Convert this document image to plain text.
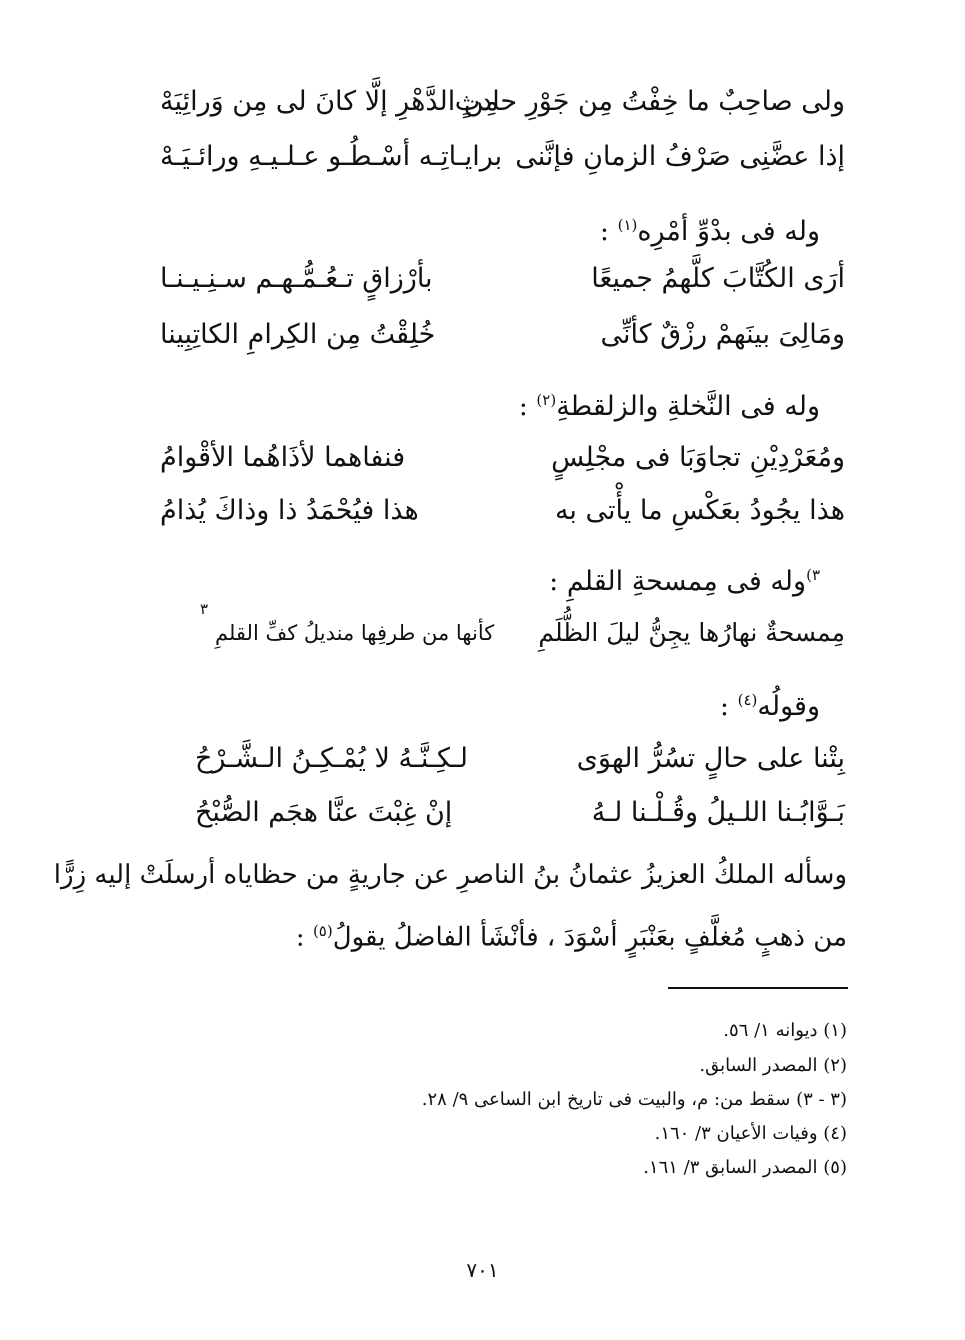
ولى صاحِبٌ ما خِفْتُ مِن جَوْرِ حادثٍ
مِن الدَّهْرِ إلَّا كانَ لى مِن وَرائِيَهْ
إذا عضَّنِى صَرْفُ الزمانِ فإنَّنى
برايـاتِـه أسْـطُـو عـلـيـهِ ورائـيَـهْ
وله فى بدْوِّ أمْرِه$^{(١)}$ :
أرَى الكُتَّابَ كلَّهمُ جميعًا
بأرْزاقٍ تـعُـمُّـهـم سـنِـيـنـا
ومَالِىَ بينَهمْ رزْقٌ كأنِّى
خُلِقْتُ مِن الكِرامِ الكاتِبِينا
وله فى النَّخلةِ والزلقطةِ$^{(٢)}$ :
ومُعَرْدِيْنِ تجاوَبَا فى مجْلِسٍ
فنفاهما لأذَاهُما الأقْوامُ
هذا يجُودُ بعَكْسِ ما يأْتى به
هذا فيُحْمَدُ ذا وذاكَ يُذامُ
$^{٣)}$وله فى مِمسحةِ القلمِ :
مِمسحةٌ نهارُها يجِنُّ ليلَ الظُّلَمِ
كأنها من طرفِها منديلُ كفِّ القلمِ
٣
وقولُه$^{(٤)}$ :
بِتْنا على حالٍ تسُرُّ الهوَى
لـكِـنَّـهُ لا يُمْـكِـنُ الـشَّـرْحُ
بَـوَّابُـنا اللـيلُ وقُـلْـنا لـهُ
إنْ غِبْتَ عنَّا هجَم الصُّبْحُ
وسأله الملكُ العزيزُ عثمانُ بنُ الناصرِ عن جاريةٍ من حظاياه أرسلَتْ إليه زِرًّا
من ذهبٍ مُغلَّفٍ بعَنْبَرٍ أسْوَدَ ، فأنْشَأ الفاضلُ يقولُ$^{(٥)}$ :
(١) ديوانه ١/ ٥٦.
(٢) المصدر السابق.
(٣ - ٣) سقط من: م، والبيت فى تاريخ ابن الساعى ٩/ ٢٨.
(٤) وفيات الأعيان ٣/ ١٦٠.
(٥) المصدر السابق ٣/ ١٦١.
٧٠١
